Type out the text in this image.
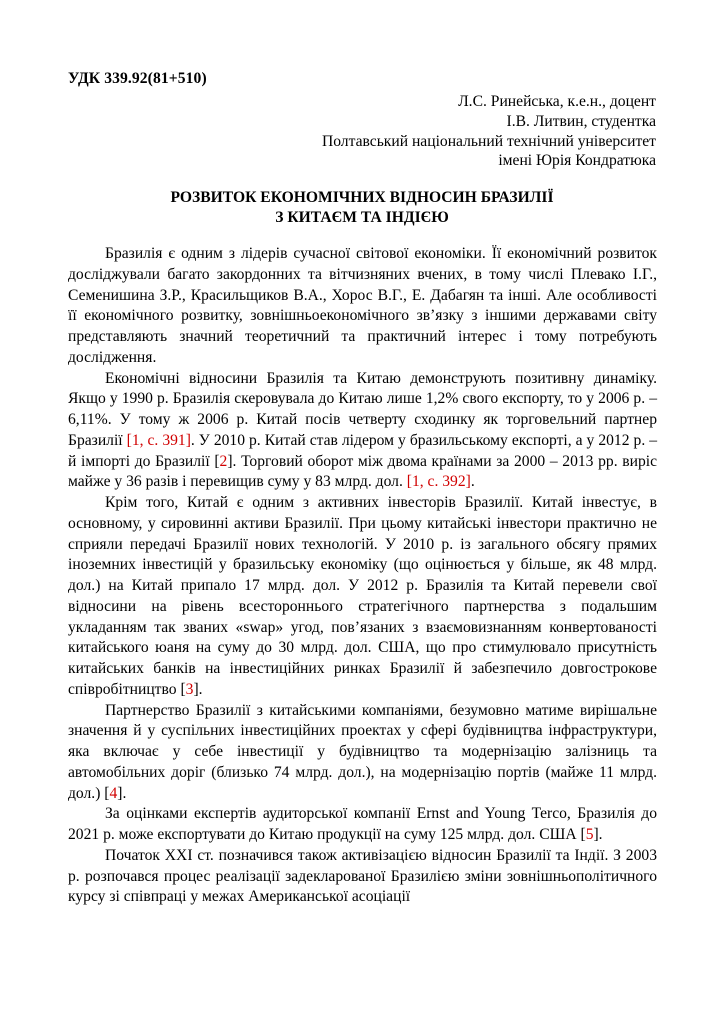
УДК 339.92(81+510)
Л.С. Ринейська, к.е.н., доцент
І.В. Литвин, студентка
Полтавський національний технічний університет
імені Юрія Кондратюка
РОЗВИТОК ЕКОНОМІЧНИХ ВІДНОСИН БРАЗИЛІЇ
З КИТАЄМ ТА ІНДІЄЮ

Бразилія є одним з лідерів сучасної світової економіки. Її економічний розвиток досліджували багато закордонних та вітчизняних вчених, в тому числі Плевако І.Г., Семенишина З.Р., Красильщиков В.А., Хорос В.Г., Е. Дабагян та інші. Але особливості її економічного розвитку, зовнішньоекономічного зв’язку з іншими державами світу представляють значний теоретичний та практичний інтерес і тому потребують дослідження.

Економічні відносини Бразилія та Китаю демонструють позитивну динаміку. Якщо у 1990 р. Бразилія скеровувала до Китаю лише 1,2% свого експорту, то у 2006 р. – 6,11%. У тому ж 2006 р. Китай посів четверту сходинку як торговельний партнер Бразилії [1, с. 391]. У 2010 р. Китай став лідером у бразильському експорті, а у 2012 р. – й імпорті до Бразилії [2]. Торговий оборот між двома країнами за 2000 – 2013 рр. виріс майже у 36 разів і перевищив суму у 83 млрд. дол. [1, с. 392].

Крім того, Китай є одним з активних інвесторів Бразилії. Китай інвестує, в основному, у сировинні активи Бразилії. При цьому китайські інвестори практично не сприяли передачі Бразилії нових технологій. У 2010 р. із загального обсягу прямих іноземних інвестицій у бразильську економіку (що оцінюється у більше, як 48 млрд. дол.) на Китай припало 17 млрд. дол. У 2012 р. Бразилія та Китай перевели свої відносини на рівень всестороннього стратегічного партнерства з подальшим укладанням так званих «swap» угод, пов’язаних з взаємовизнанням конвертованості китайського юаня на суму до 30 млрд. дол. США, що про стимулювало присутність китайських банків на інвестиційних ринках Бразилії й забезпечило довгострокове співробітництво [3].

Партнерство Бразилії з китайськими компаніями, безумовно матиме вирішальне значення й у суспільних інвестиційних проектах у сфері будівництва інфраструктури, яка включає у себе інвестиції у будівництво та модернізацію залізниць та автомобільних доріг (близько 74 млрд. дол.), на модернізацію портів (майже 11 млрд. дол.) [4].

За оцінками експертів аудиторської компанії Ernst and Young Terco, Бразилія до 2021 р. може експортувати до Китаю продукції на суму 125 млрд. дол. США [5].

Початок ХХІ ст. позначився також активізацією відносин Бразилії та Індії. З 2003 р. розпочався процес реалізації задекларованої Бразилією зміни зовнішньополітичного курсу зі співпраці у межах Американської асоціації
